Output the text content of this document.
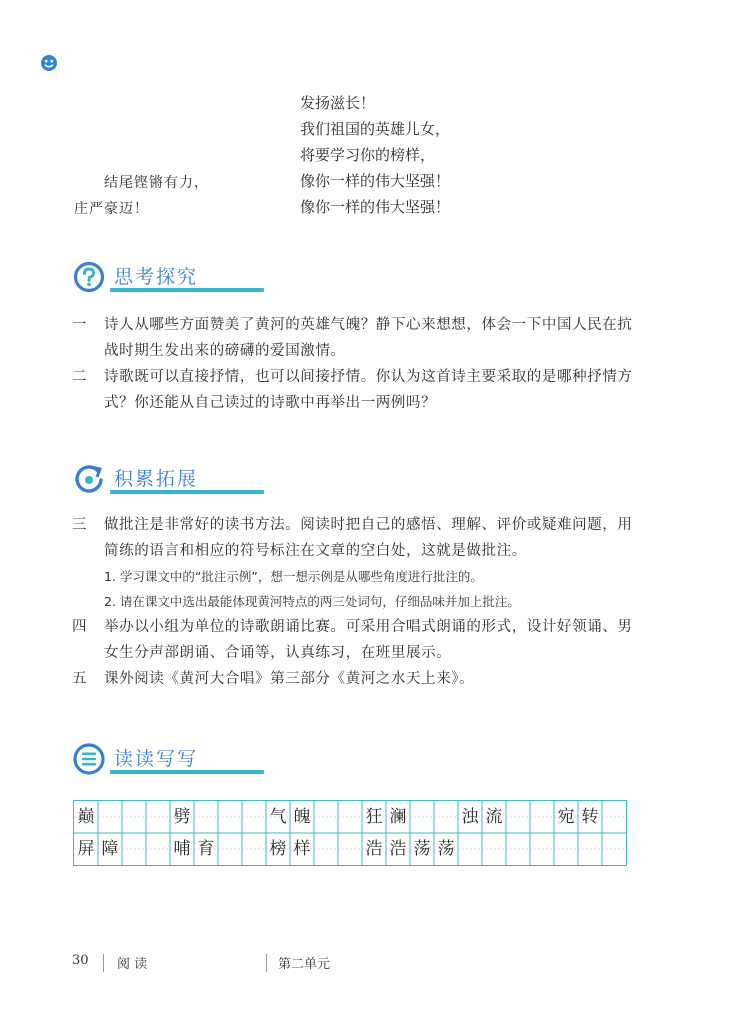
发扬滋长！
我们祖国的英雄儿女，
将要学习你的榜样，
像你一样的伟大坚强！
像你一样的伟大坚强！
结尾铿锵有力，
庄严豪迈！
思考探究
一 诗人从哪些方面赞美了黄河的英雄气魄？静下心来想想，体会一下中国人民在抗战时期生发出来的磅礴的爱国激情。
二 诗歌既可以直接抒情，也可以间接抒情。你认为这首诗主要采取的是哪种抒情方式？你还能从自己读过的诗歌中再举出一两例吗？
积累拓展
三 做批注是非常好的读书方法。阅读时把自己的感悟、理解、评价或疑难问题，用简练的语言和相应的符号标注在文章的空白处，这就是做批注。
1. 学习课文中的“批注示例”，想一想示例是从哪些角度进行批注的。
2. 请在课文中选出最能体现黄河特点的两三处词句，仔细品味并加上批注。
四 举办以小组为单位的诗歌朗诵比赛。可采用合唱式朗诵的形式，设计好领诵、男女生分声部朗诵、合诵等，认真练习，在班里展示。
五 课外阅读《黄河大合唱》第三部分《黄河之水天上来》。
读读写写
巅	劈	气 魄	狂 澜	浊 流	宛 转
屏 障	哺 育	榜 样	浩 浩 荡 荡
30 阅 读	第二单元
